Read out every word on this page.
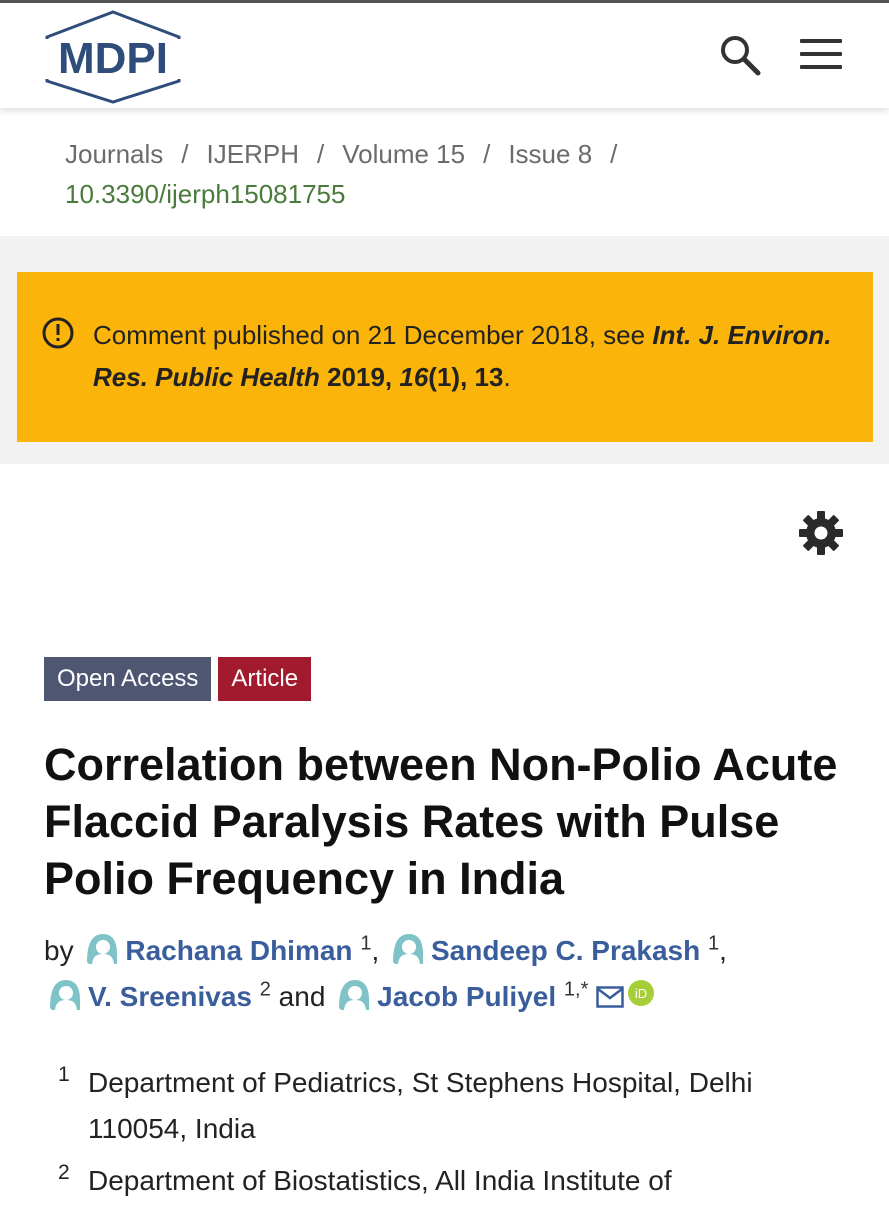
MDPI
Journals / IJERPH / Volume 15 / Issue 8 /
10.3390/ijerph15081755
Comment published on 21 December 2018, see Int. J. Environ. Res. Public Health 2019, 16(1), 13.
Open Access Article
Correlation between Non-Polio Acute Flaccid Paralysis Rates with Pulse Polio Frequency in India
by Rachana Dhiman $^1$, Sandeep C. Prakash $^1$,
V. Sreenivas $^2$ and Jacob Puliyel $^{1,*}$	iD
1 Department of Pediatrics, St Stephens Hospital, Delhi 110054, India
2 Department of Biostatistics, All India Institute of
